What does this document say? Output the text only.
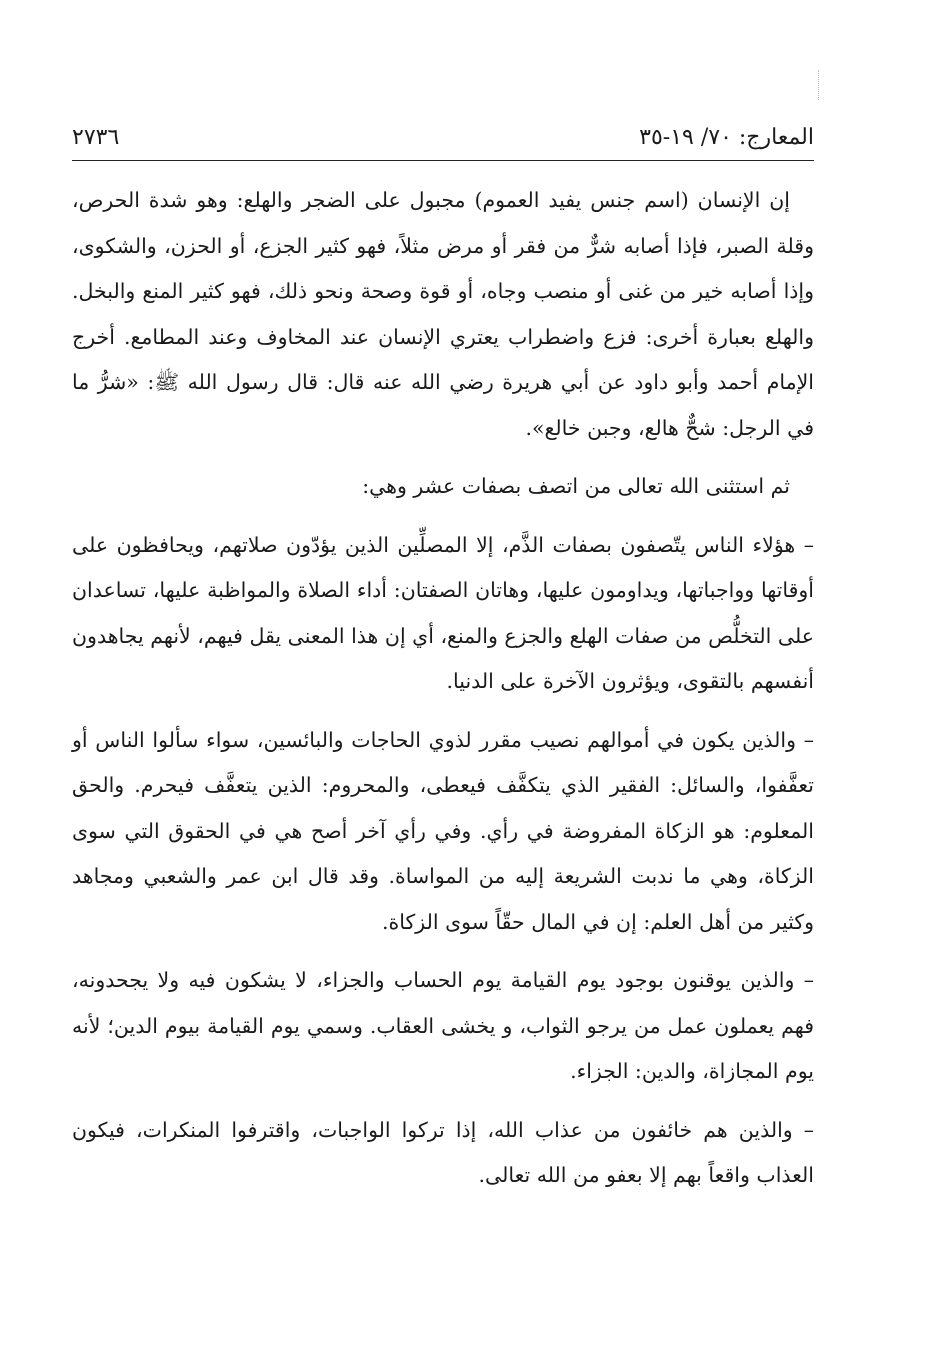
المعارج: ٧٠/ ١٩-٣٥
٢٧٣٦

إن الإنسان (اسم جنس يفيد العموم) مجبول على الضجر والهلع: وهو شدة الحرص، وقلة الصبر، فإذا أصابه شرٌّ من فقر أو مرض مثلاً، فهو كثير الجزع، أو الحزن، والشكوى، وإذا أصابه خير من غنى أو منصب وجاه، أو قوة وصحة ونحو ذلك، فهو كثير المنع والبخل. والهلع بعبارة أخرى: فزع واضطراب يعتري الإنسان عند المخاوف وعند المطامع. أخرج الإمام أحمد وأبو داود عن أبي هريرة رضي الله عنه قال: قال رسول الله ﷺ: «شرُّ ما في الرجل: شحٌّ هالع، وجبن خالع».

ثم استثنى الله تعالى من اتصف بصفات عشر وهي:

– هؤلاء الناس يتّصفون بصفات الذَّم، إلا المصلِّين الذين يؤدّون صلاتهم، ويحافظون على أوقاتها وواجباتها، ويداومون عليها، وهاتان الصفتان: أداء الصلاة والمواظبة عليها، تساعدان على التخلُّص من صفات الهلع والجزع والمنع، أي إن هذا المعنى يقل فيهم، لأنهم يجاهدون أنفسهم بالتقوى، ويؤثرون الآخرة على الدنيا.

– والذين يكون في أموالهم نصيب مقرر لذوي الحاجات والبائسين، سواء سألوا الناس أو تعفَّفوا، والسائل: الفقير الذي يتكفَّف فيعطى، والمحروم: الذين يتعفَّف فيحرم. والحق المعلوم: هو الزكاة المفروضة في رأي. وفي رأي آخر أصح هي في الحقوق التي سوى الزكاة، وهي ما ندبت الشريعة إليه من المواساة. وقد قال ابن عمر والشعبي ومجاهد وكثير من أهل العلم: إن في المال حقّاً سوى الزكاة.

– والذين يوقنون بوجود يوم القيامة يوم الحساب والجزاء، لا يشكون فيه ولا يجحدونه، فهم يعملون عمل من يرجو الثواب، و يخشى العقاب. وسمي يوم القيامة بيوم الدين؛ لأنه يوم المجازاة، والدين: الجزاء.

– والذين هم خائفون من عذاب الله، إذا تركوا الواجبات، واقترفوا المنكرات، فيكون العذاب واقعاً بهم إلا بعفو من الله تعالى.
